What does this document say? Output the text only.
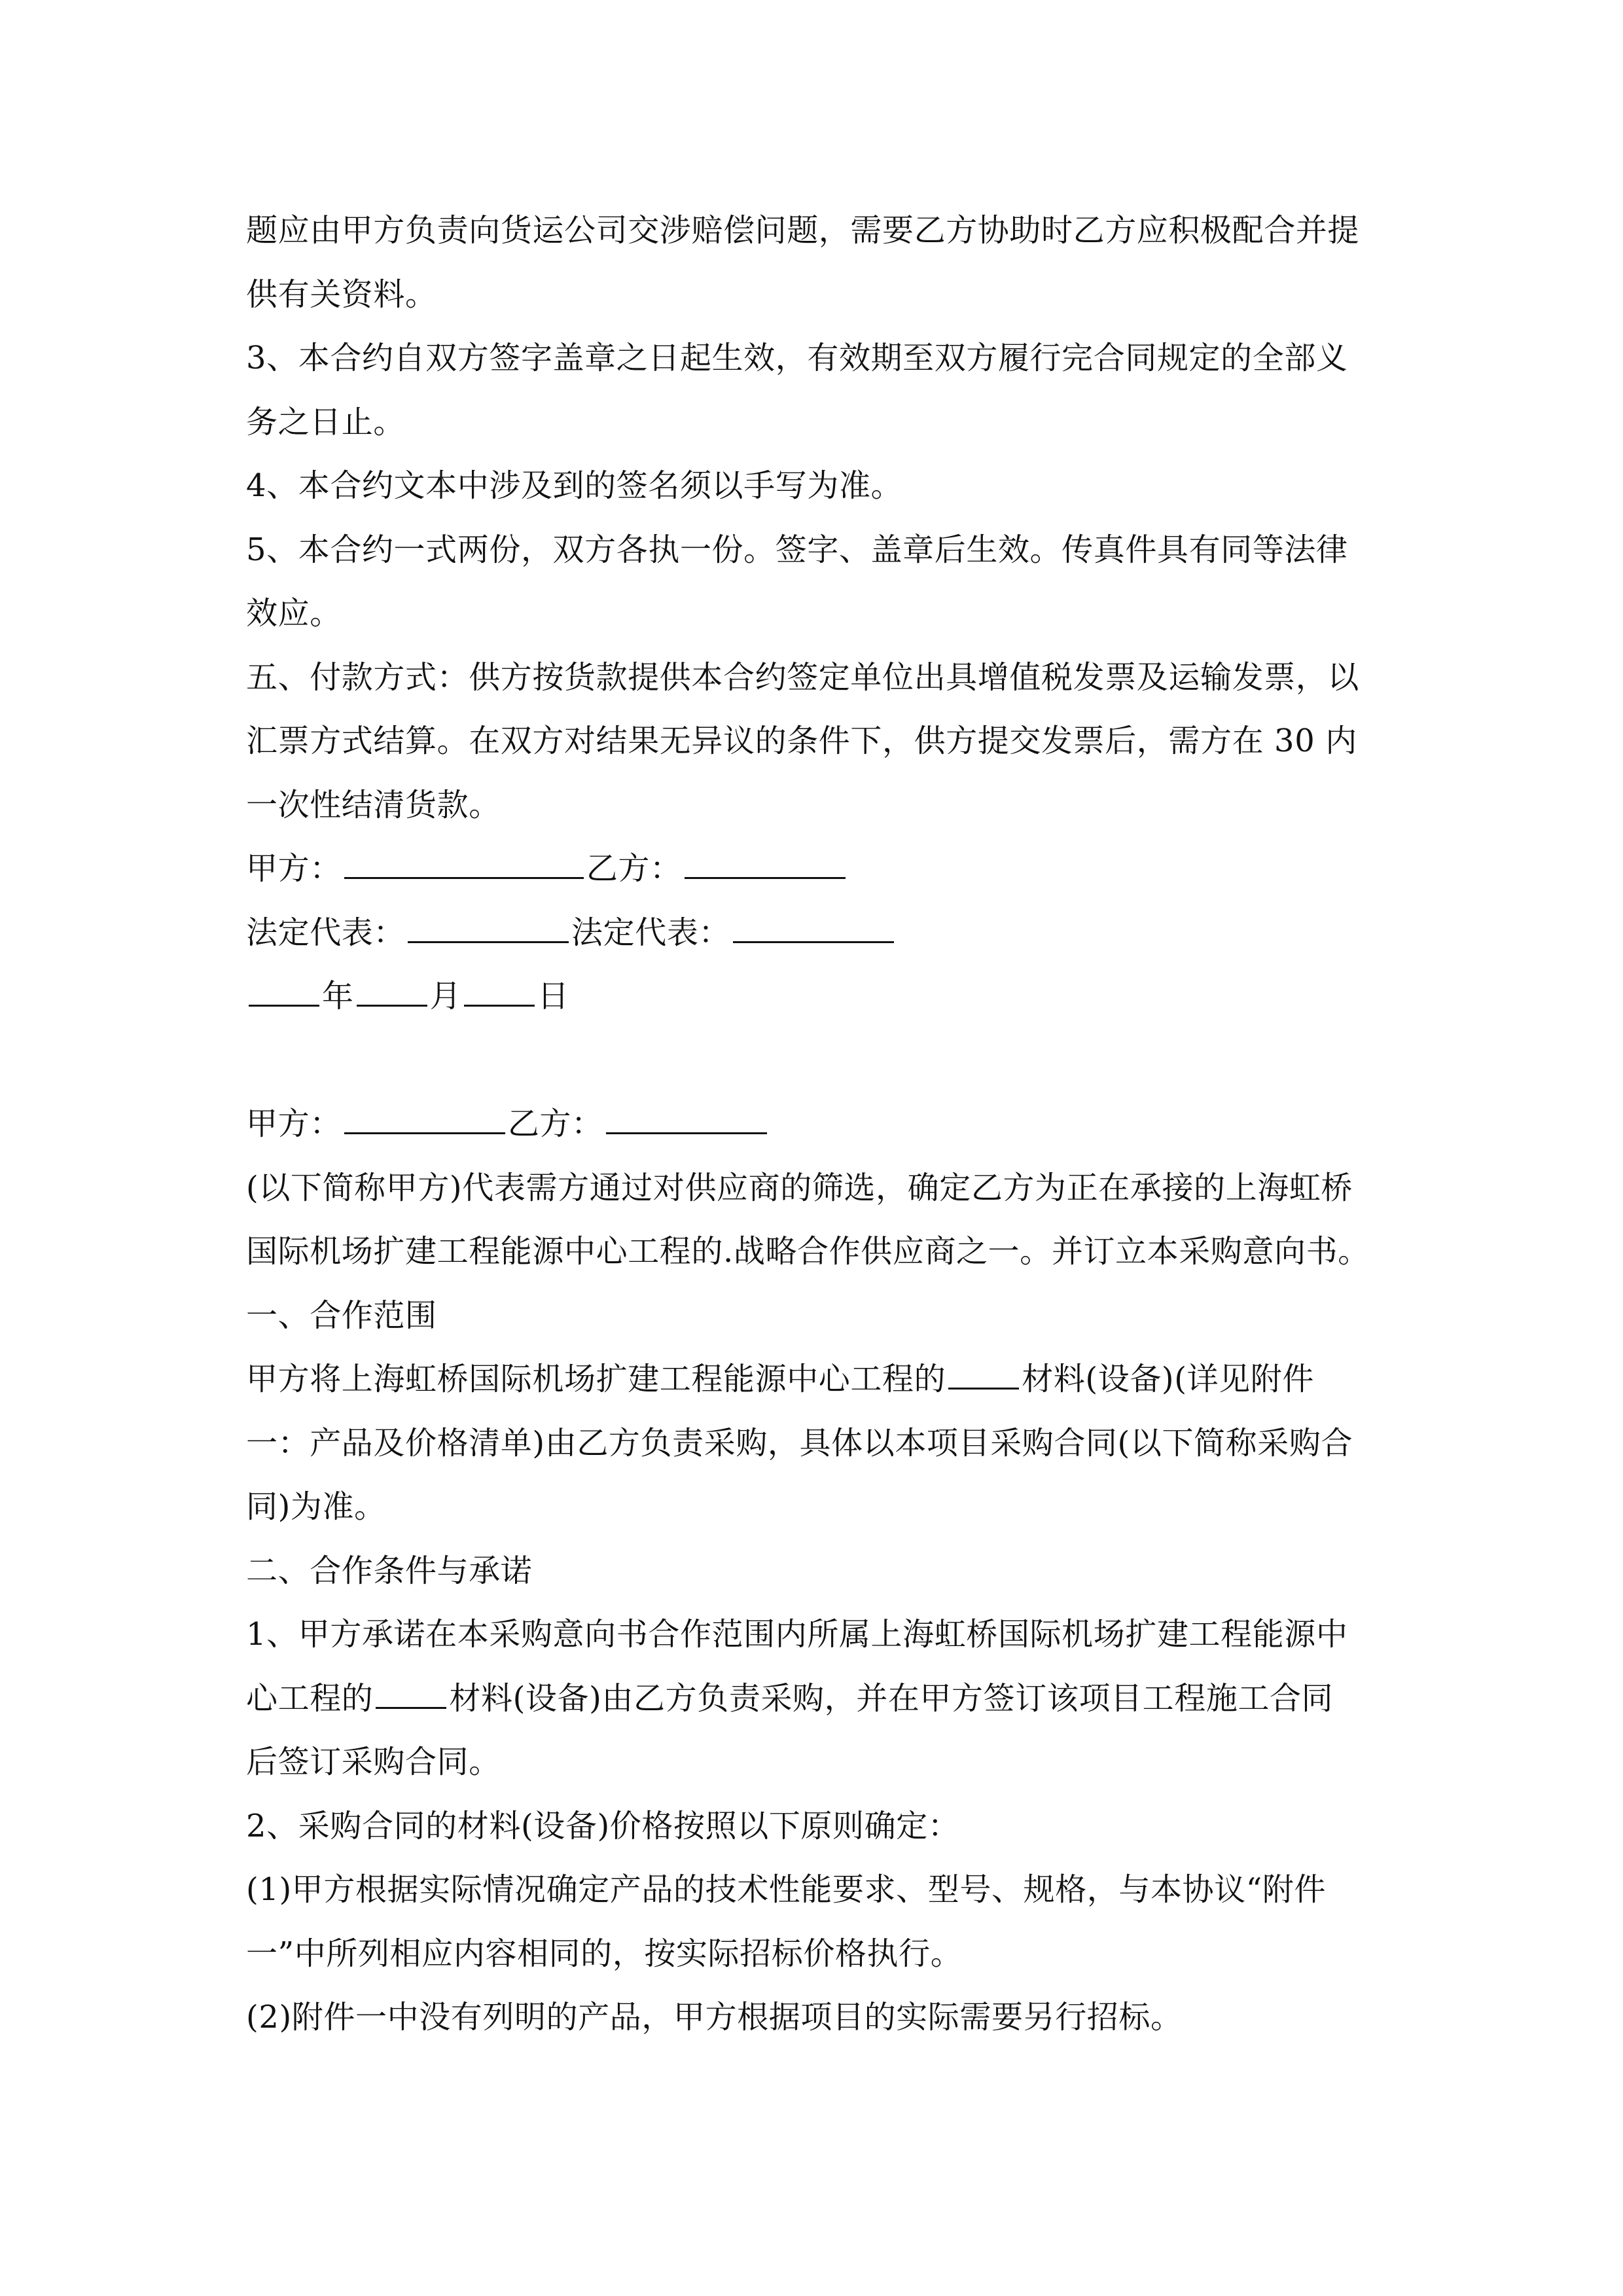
题应由甲方负责向货运公司交涉赔偿问题，需要乙方协助时乙方应积极配合并提
供有关资料。
3、本合约自双方签字盖章之日起生效，有效期至双方履行完合同规定的全部义
务之日止。
4、本合约文本中涉及到的签名须以手写为准。
5、本合约一式两份，双方各执一份。签字、盖章后生效。传真件具有同等法律
效应。
五、付款方式：供方按货款提供本合约签定单位出具增值税发票及运输发票，以
汇票方式结算。在双方对结果无异议的条件下，供方提交发票后，需方在 30 内
一次性结清货款。
甲方：	乙方：
法定代表：	法定代表：
年 月 日
甲方：	乙方：
(以下简称甲方)代表需方通过对供应商的筛选，确定乙方为正在承接的上海虹桥
国际机场扩建工程能源中心工程的.战略合作供应商之一。并订立本采购意向书。
一、合作范围
甲方将上海虹桥国际机场扩建工程能源中心工程的 材料(设备)(详见附件
一：产品及价格清单)由乙方负责采购，具体以本项目采购合同(以下简称采购合
同)为准。
二、合作条件与承诺
1、甲方承诺在本采购意向书合作范围内所属上海虹桥国际机场扩建工程能源中
心工程的 材料(设备)由乙方负责采购，并在甲方签订该项目工程施工合同
后签订采购合同。
2、采购合同的材料(设备)价格按照以下原则确定：
(1)甲方根据实际情况确定产品的技术性能要求、型号、规格，与本协议“附件
一”中所列相应内容相同的，按实际招标价格执行。
(2)附件一中没有列明的产品，甲方根据项目的实际需要另行招标。
